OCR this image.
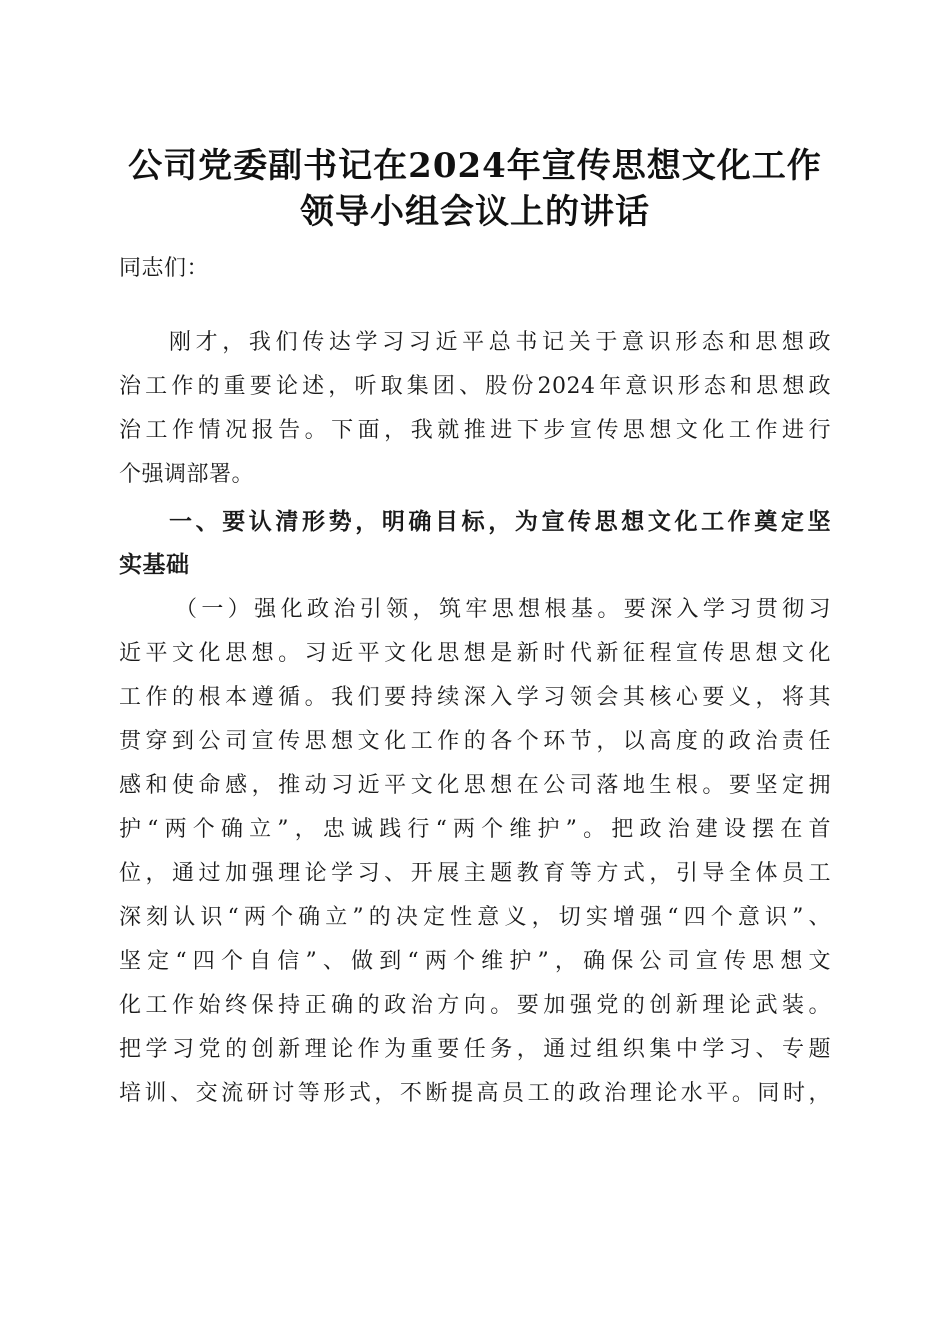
公司党委副书记在2024年宣传思想文化工作
领导小组会议上的讲话
同志们：
刚才，我们传达学习习近平总书记关于意识形态和思想政
治工作的重要论述，听取集团、股份2024年意识形态和思想政
治工作情况报告。下面，我就推进下步宣传思想文化工作进行
个强调部署。
一、要认清形势，明确目标，为宣传思想文化工作奠定坚
实基础
（一）强化政治引领，筑牢思想根基。要深入学习贯彻习
近平文化思想。习近平文化思想是新时代新征程宣传思想文化
工作的根本遵循。我们要持续深入学习领会其核心要义，将其
贯穿到公司宣传思想文化工作的各个环节，以高度的政治责任
感和使命感，推动习近平文化思想在公司落地生根。要坚定拥
护“两个确立”，忠诚践行“两个维护”。把政治建设摆在首
位，通过加强理论学习、开展主题教育等方式，引导全体员工
深刻认识“两个确立”的决定性意义，切实增强“四个意识”、
坚定“四个自信”、做到“两个维护”，确保公司宣传思想文
化工作始终保持正确的政治方向。要加强党的创新理论武装。
把学习党的创新理论作为重要任务，通过组织集中学习、专题
培训、交流研讨等形式，不断提高员工的政治理论水平。同时，
